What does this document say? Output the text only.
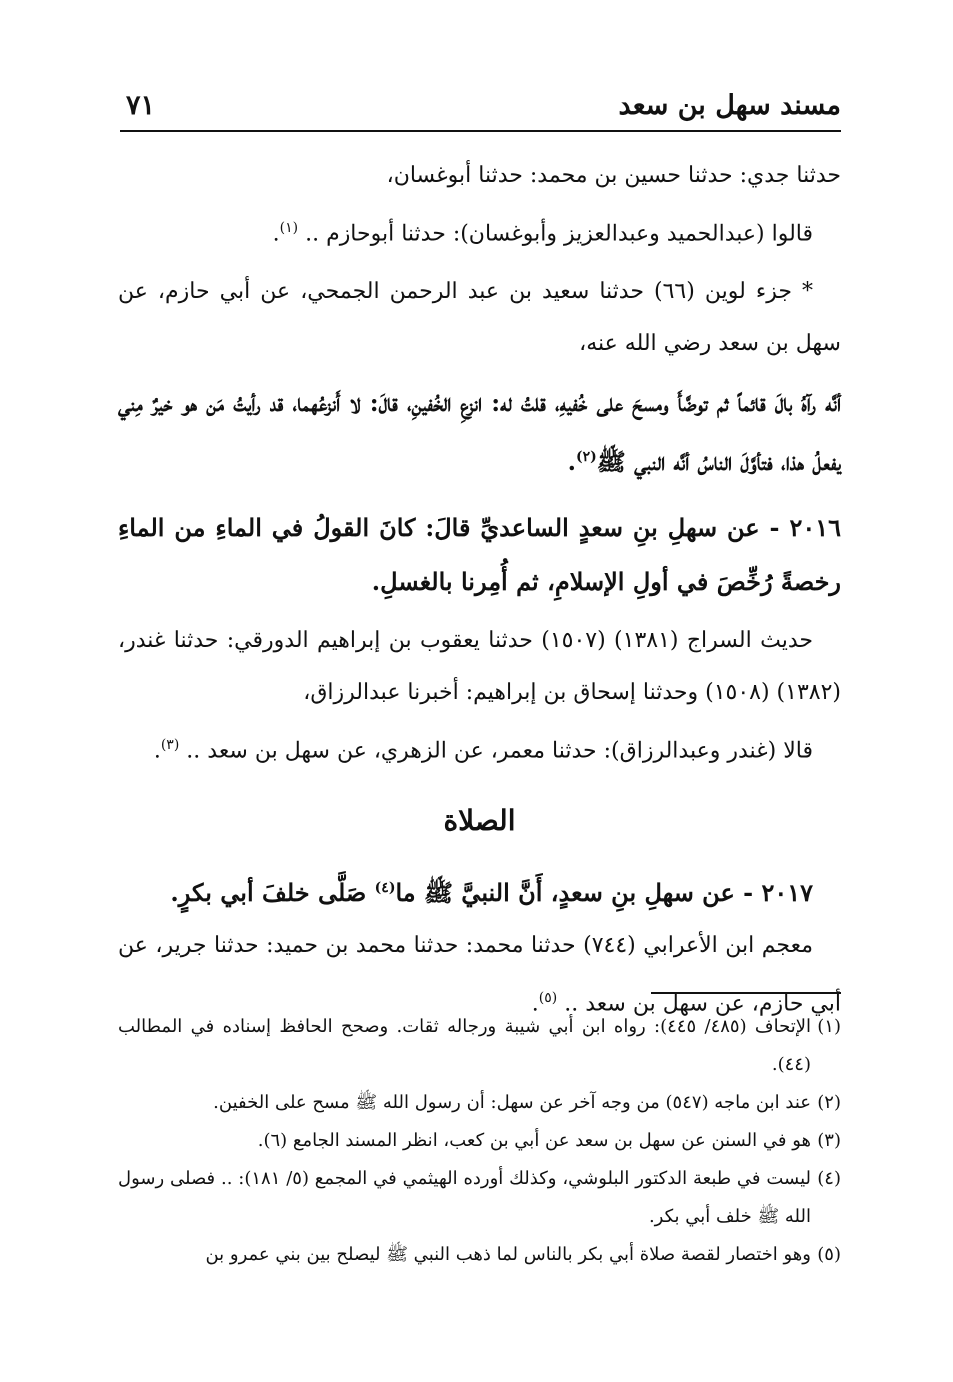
مسند سهل بن سعد
٧١

حدثنا جدي: حدثنا حسين بن محمد: حدثنا أبوغسان،

قالوا (عبدالحميد وعبدالعزيز وأبوغسان): حدثنا أبوحازم .. $^{(١)}$.

* جزء لوين (٦٦) حدثنا سعيد بن عبد الرحمن الجمحي، عن أبي حازم، عن سهل بن سعد رضي الله عنه،

أنَّه رآهُ بالَ قائماً ثم توضَّأَ ومسحَ على خُفيهِ، قلتُ له: انزعِ الخُفينِ، قالَ: لا أَنزعُهما، قد رأيتُ مَن هو خيرٌ مِني يفعلُ هذا، فتأوَّلَ الناسُ أنَّه النبي ﷺ$^{(٢)}$.

٢٠١٦ - عن سهلِ بنِ سعدٍ الساعديِّ قالَ: كانَ القولُ في الماءِ من الماءِ رخصةً رُخِّصَ في أولِ الإسلامِ، ثم أُمِرنا بالغسلِ.

حديث السراج (١٣٨١) (١٥٠٧) حدثنا يعقوب بن إبراهيم الدورقي: حدثنا غندر، (١٣٨٢) (١٥٠٨) وحدثنا إسحاق بن إبراهيم: أخبرنا عبدالرزاق،

قالا (غندر وعبدالرزاق): حدثنا معمر، عن الزهري، عن سهل بن سعد .. $^{(٣)}$.

الصلاة

٢٠١٧ - عن سهلِ بنِ سعدٍ، أَنَّ النبيَّ ﷺ ما$^{(٤)}$ صَلَّى خلفَ أبي بكرٍ.

معجم ابن الأعرابي (٧٤٤) حدثنا محمد: حدثنا محمد بن حميد: حدثنا جرير، عن أبي حازم، عن سهل بن سعد .. $^{(٥)}$.

(١)الإتحاف (٤٨٥/ ٤٤٥): رواه ابن أبي شيبة ورجاله ثقات. وصحح الحافظ إسناده في المطالب (٤٤).
(٢)عند ابن ماجه (٥٤٧) من وجه آخر عن سهل: أن رسول الله ﷺ مسح على الخفين.
(٣)هو في السنن عن سهل بن سعد عن أبي بن كعب، انظر المسند الجامع (٦).
(٤)ليست في طبعة الدكتور البلوشي، وكذلك أورده الهيثمي في المجمع (٥/ ١٨١): .. فصلى رسول الله ﷺ خلف أبي بكر.
(٥)وهو اختصار لقصة صلاة أبي بكر بالناس لما ذهب النبي ﷺ ليصلح بين بني عمرو بن
